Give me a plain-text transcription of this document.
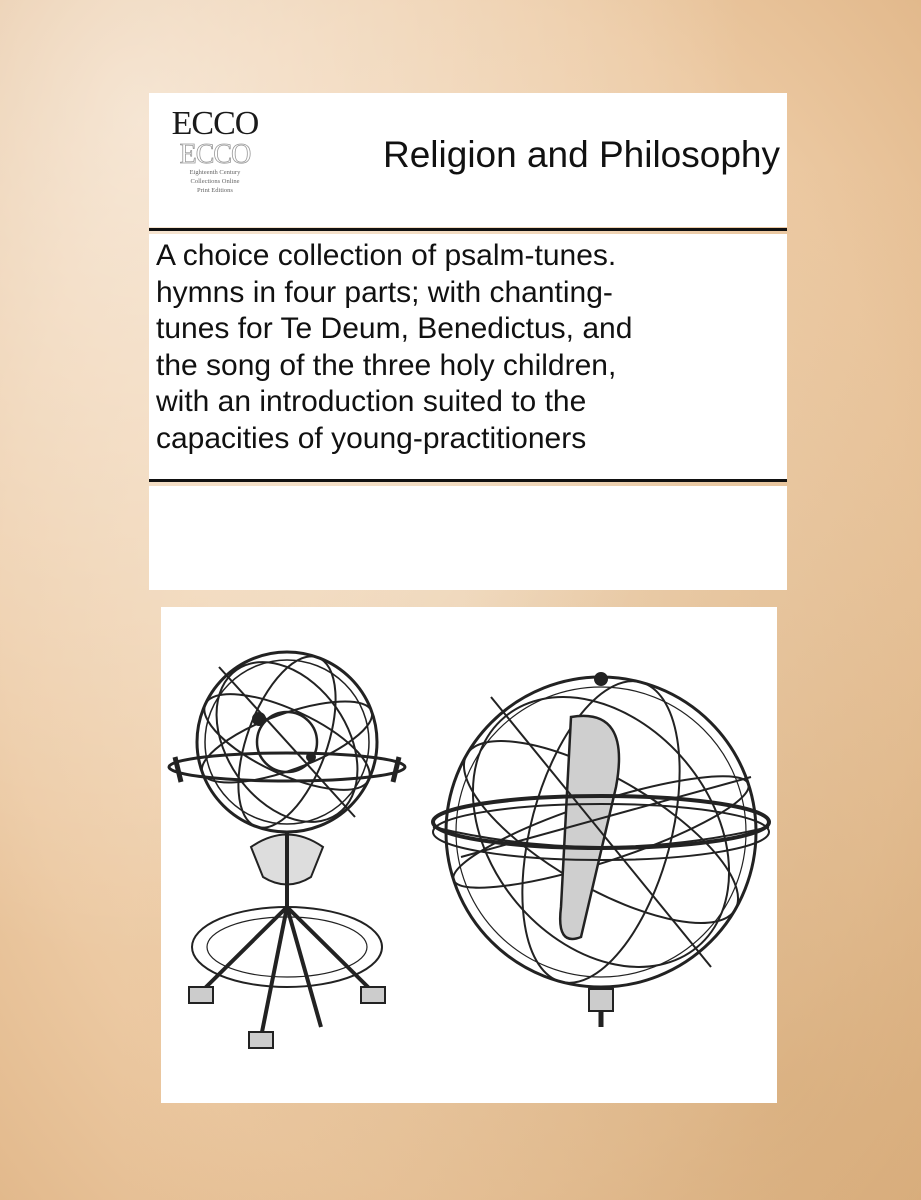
ECCO
ECCO
Eighteenth Century
Collections Online
Print Editions
Religion and Philosophy
A choice collection of psalm-tunes.
hymns in four parts; with chanting-
tunes for Te Deum, Benedictus, and
the song of the three holy children,
with an introduction suited to the
capacities of young-practitioners
